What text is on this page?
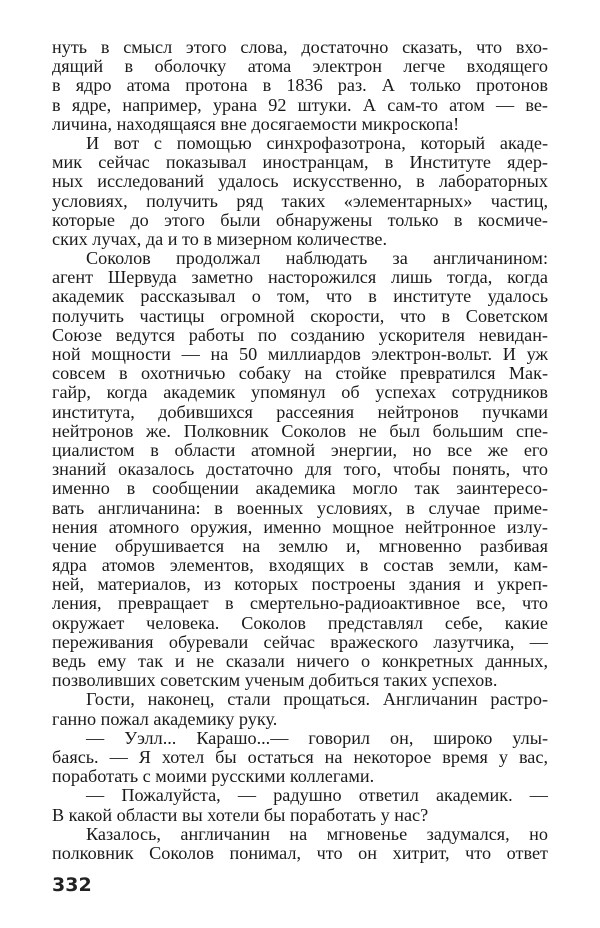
нуть в смысл этого слова, достаточно сказать, что вхо-
дящий в оболочку атома электрон легче входящего
в ядро атома протона в 1836 раз. А только протонов
в ядре, например, урана 92 штуки. А сам-то атом — ве-
личина, находящаяся вне досягаемости микроскопа!
И вот с помощью синхрофазотрона, который акаде-
мик сейчас показывал иностранцам, в Институте ядер-
ных исследований удалось искусственно, в лабораторных
условиях, получить ряд таких «элементарных» частиц,
которые до этого были обнаружены только в космиче-
ских лучах, да и то в мизерном количестве.
Соколов продолжал наблюдать за англичанином:
агент Шервуда заметно насторожился лишь тогда, когда
академик рассказывал о том, что в институте удалось
получить частицы огромной скорости, что в Советском
Союзе ведутся работы по созданию ускорителя невидан-
ной мощности — на 50 миллиардов электрон-вольт. И уж
совсем в охотничью собаку на стойке превратился Мак-
гайр, когда академик упомянул об успехах сотрудников
института, добившихся рассеяния нейтронов пучками
нейтронов же. Полковник Соколов не был большим спе-
циалистом в области атомной энергии, но все же его
знаний оказалось достаточно для того, чтобы понять, что
именно в сообщении академика могло так заинтересо-
вать англичанина: в военных условиях, в случае приме-
нения атомного оружия, именно мощное нейтронное излу-
чение обрушивается на землю и, мгновенно разбивая
ядра атомов элементов, входящих в состав земли, кам-
ней, материалов, из которых построены здания и укреп-
ления, превращает в смертельно-радиоактивное все, что
окружает человека. Соколов представлял себе, какие
переживания обуревали сейчас вражеского лазутчика, —
ведь ему так и не сказали ничего о конкретных данных,
позволивших советским ученым добиться таких успехов.
Гости, наконец, стали прощаться. Англичанин растро-
ганно пожал академику руку.
— Уэлл... Карашо...— говорил он, широко улы-
баясь. — Я хотел бы остаться на некоторое время у вас,
поработать с моими русскими коллегами.
— Пожалуйста, — радушно ответил академик. —
В какой области вы хотели бы поработать у нас?
Казалось, англичанин на мгновенье задумался, но
полковник Соколов понимал, что он хитрит, что ответ
332
